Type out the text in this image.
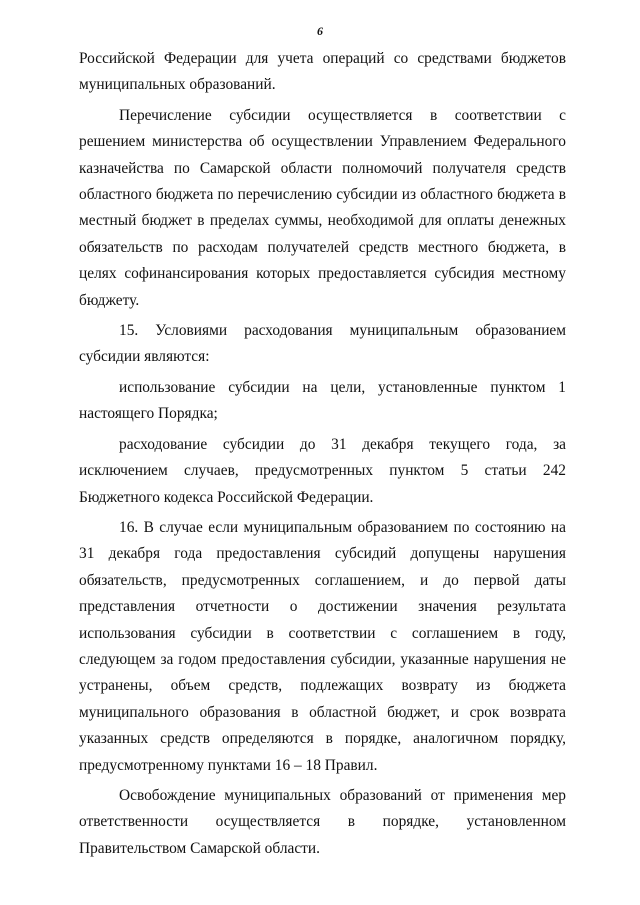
6

Российской Федерации для учета операций со средствами бюджетов муниципальных образований.

Перечисление субсидии осуществляется в соответствии с решением министерства об осуществлении Управлением Федерального казначейства по Самарской области полномочий получателя средств областного бюджета по перечислению субсидии из областного бюджета в местный бюджет в пределах суммы, необходимой для оплаты денежных обязательств по расходам получателей средств местного бюджета, в целях софинансирования которых предоставляется субсидия местному бюджету.

15. Условиями расходования муниципальным образованием субсидии являются:

использование субсидии на цели, установленные пунктом 1 настоящего Порядка;

расходование субсидии до 31 декабря текущего года, за исключением случаев, предусмотренных пунктом 5 статьи 242 Бюджетного кодекса Российской Федерации.

16. В случае если муниципальным образованием по состоянию на 31 декабря года предоставления субсидий допущены нарушения обязательств, предусмотренных соглашением, и до первой даты представления отчетности о достижении значения результата использования субсидии в соответствии с соглашением в году, следующем за годом предоставления субсидии, указанные нарушения не устранены, объем средств, подлежащих возврату из бюджета муниципального образования в областной бюджет, и срок возврата указанных средств определяются в порядке, аналогичном порядку, предусмотренному пунктами 16 – 18 Правил.

Освобождение муниципальных образований от применения мер ответственности осуществляется в порядке, установленном Правительством Самарской области.
